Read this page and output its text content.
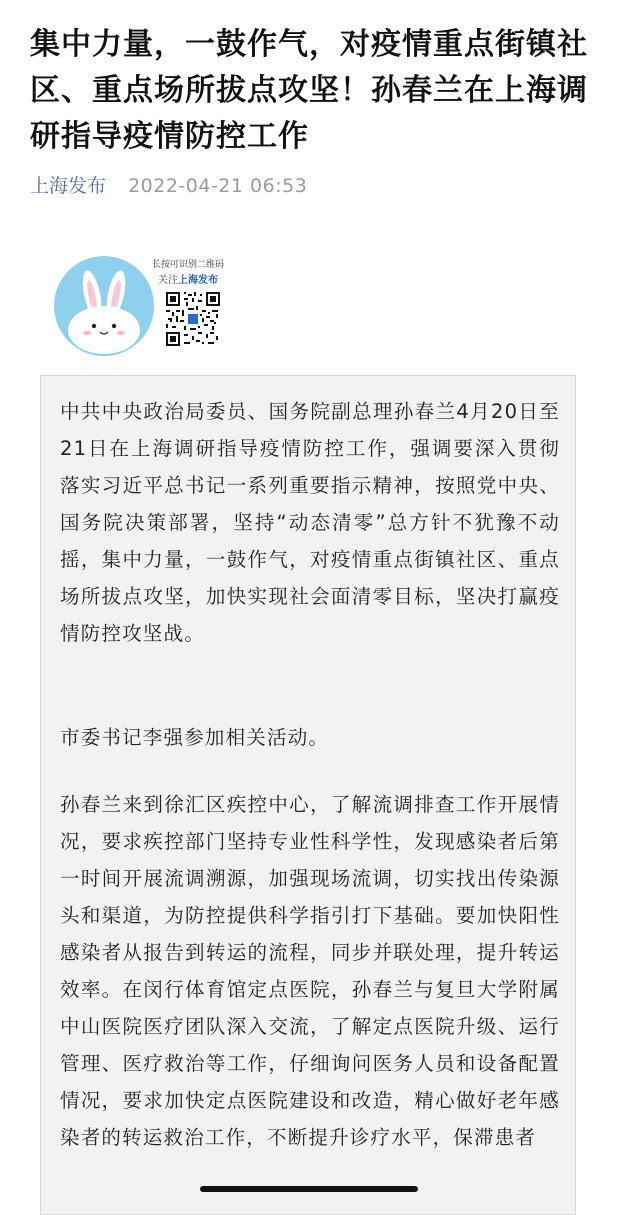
集中力量，一鼓作气，对疫情重点街镇社区、重点场所拔点攻坚！孙春兰在上海调研指导疫情防控工作
上海发布 2022-04-21 06:53
长按可识别二维码
关注上海发布

中共中央政治局委员、国务院副总理孙春兰4月20日至21日在上海调研指导疫情防控工作，强调要深入贯彻落实习近平总书记一系列重要指示精神，按照党中央、国务院决策部署，坚持“动态清零”总方针不犹豫不动摇，集中力量，一鼓作气，对疫情重点街镇社区、重点场所拔点攻坚，加快实现社会面清零目标，坚决打赢疫情防控攻坚战。

市委书记李强参加相关活动。

孙春兰来到徐汇区疾控中心，了解流调排查工作开展情况，要求疾控部门坚持专业性科学性，发现感染者后第一时间开展流调溯源，加强现场流调，切实找出传染源头和渠道，为防控提供科学指引打下基础。要加快阳性感染者从报告到转运的流程，同步并联处理，提升转运效率。在闵行体育馆定点医院，孙春兰与复旦大学附属中山医院医疗团队深入交流，了解定点医院升级、运行管理、医疗救治等工作，仔细询问医务人员和设备配置情况，要求加快定点医院建设和改造，精心做好老年感染者的转运救治工作，不断提升诊疗水平，保滞患者
